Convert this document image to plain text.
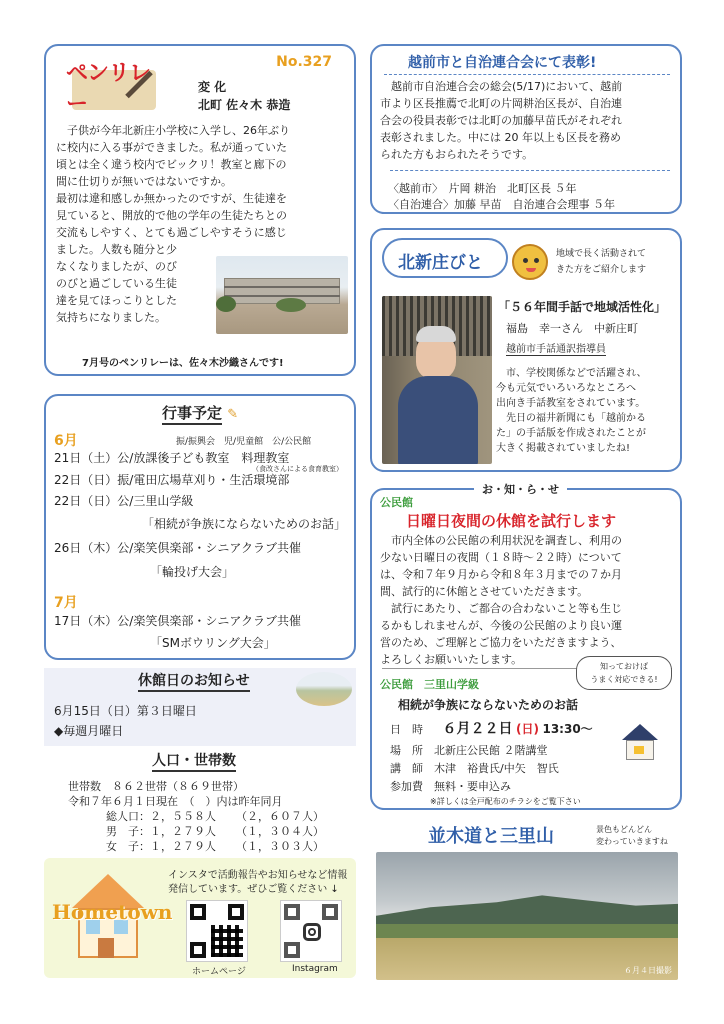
ペンリレー
No.327
変 化
北町 佐々木 恭造

子供が今年北新庄小学校に入学し、26年ぶり

に校内に入る事ができました。私が通っていた

頃とは全く違う校内でビックリ！教室と廊下の

間に仕切りが無いではないですか。

最初は違和感しか無かったのですが、生徒達を

見ていると、開放的で他の学年の生徒たちとの

交流もしやすく、とても過ごしやすそうに感じ

ました。人数も随分と少

なくなりましたが、のび

のびと過ごしている生徒

達を見てほっこりとした

気持ちになりました。

7月号のペンリレーは、佐々木沙織さんです!
行事予定 ✎
6月	振/振興会　児/児童館　公/公民館
21日（土）公/放課後子ども教室　料理教室
（食改さんによる食育教室）
22日（日）振/電田広場草刈り・生活環境部
22日（日）公/三里山学級
「相続が争族にならないためのお話」
26日（木）公/楽笑倶楽部・シニアクラブ共催
「輪投げ大会」
7月
17日（木）公/楽笑倶楽部・シニアクラブ共催
「SMボウリング大会」
休館日のお知らせ
6月15日（日）第３日曜日
◆毎週月曜日
人口・世帯数
世帯数　８６２世帯（８６９世帯）
令和７年６月１日現在　（　）内は昨年同月
総人口：２，５５８人 （２，６０７人）
男　子：１，２７９人 （１，３０４人）
女　子：１，２７９人 （１，３０３人）
Hometown
インスタで活動報告やお知らせなど情報
発信しています。ぜひご覧ください ↓
ホームページ	Instagram
越前市と自治連合会にて表彰!

越前市自治連合会の総会(5/17)において、越前

市より区長推薦で北町の片岡耕治区長が、自治連

合会の役員表彰では北町の加藤早苗氏がそれぞれ

表彰されました。中には 20 年以上も区長を務め

られた方もおられたそうです。

〈越前市〉　片岡 耕治　北町区長 ５年
〈自治連合〉加藤 早苗　自治連合会理事 ５年
北新庄びと	地域で長く活動されて
きた方をご紹介します
「５６年間手話で地域活性化」
福島　幸一さん　中新庄町
越前市手話通訳指導員

市、学校関係などで活躍され、

今も元気でいろいろなところへ

出向き手話教室をされています。

先日の福井新聞にも「越前かる

た」の手話版を作成されたことが

大きく掲載されていましたね!

お・知・ら・せ
公民館
日曜日夜間の休館を試行します

市内全体の公民館の利用状況を調査し、利用の

少ない日曜日の夜間（１８時～２２時）について

は、令和７年９月から令和８年３月までの７か月

間、試行的に休館とさせていただきます。

試行にあたり、ご都合の合わないこと等も生じ

るかもしれませんが、今後の公民館のより良い運

営のため、ご理解とご協力をいただきますよう、

よろしくお願いいたします。

公民館　三里山学級
知っておけば
うまく対応できる!
相続が争族にならないためのお話
日　時 ６月２２日 (日) 13:30～
場　所　北新庄公民館 ２階講堂
講　師　木津　裕貴氏/中矢　智氏
参加費　無料・要申込み
※詳しくは全戸配布のチラシをご覧下さい
並木道と三里山	景色もどんどん
変わっていきますね
６月４日撮影
